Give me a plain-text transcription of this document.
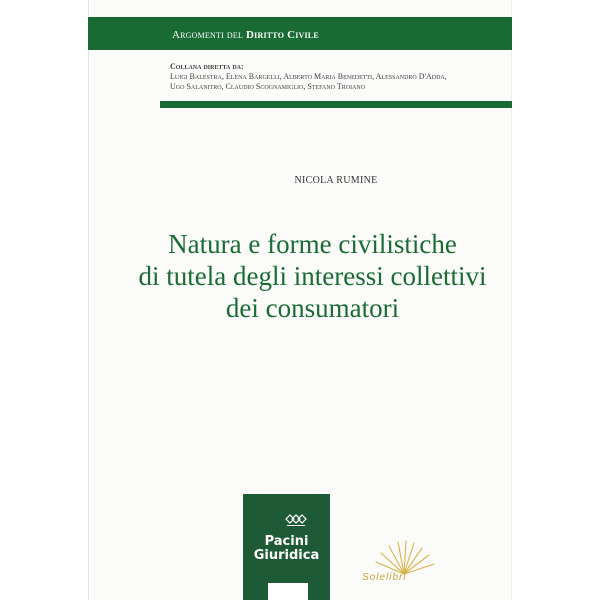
Argomenti del Diritto Civile
Collana diretta da:
Luigi Balestra, Elena Bargelli, Alberto Maria Benedetti, Alessandro D'Adda,
Ugo Salanitro, Claudio Scognamiglio, Stefano Troiano
NICOLA RUMINE
Natura e forme civilistiche
di tutela degli interessi collettivi
dei consumatori
Pacini
Giuridica
Solelibri
